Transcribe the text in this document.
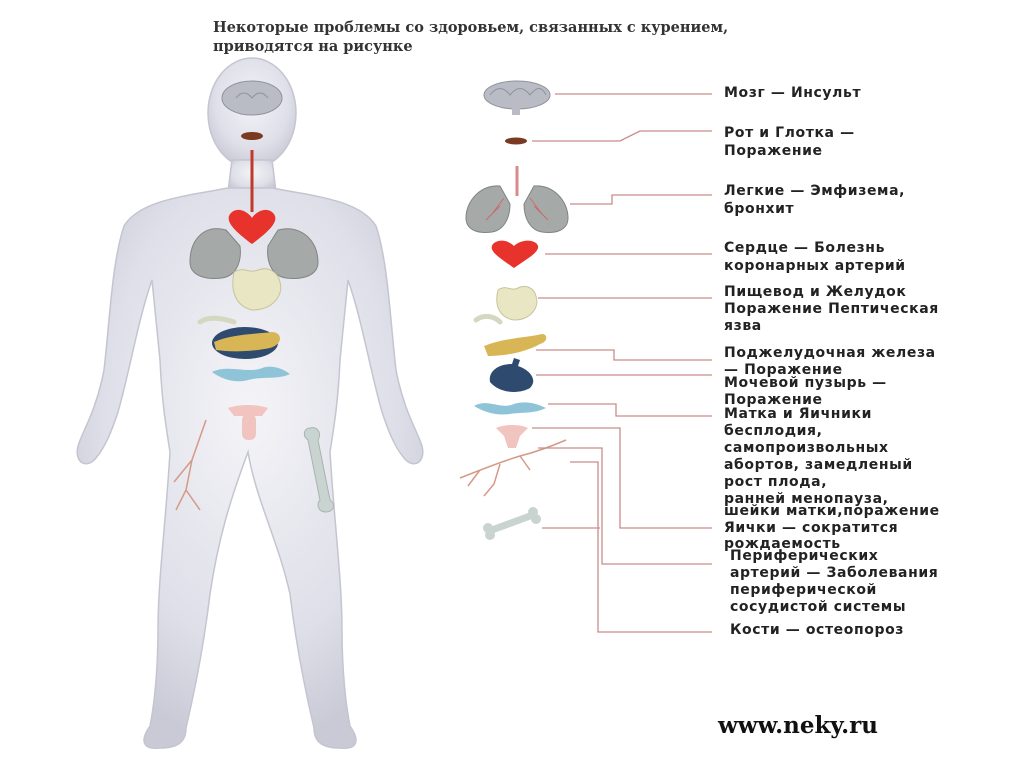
Некоторые проблемы со здоровьем, связанных с курением,
приводятся на рисунке
Мозг — Инсульт
Рот и Глотка —
Поражение
Легкие — Эмфизема,
бронхит
Сердце — Болезнь
коронарных артерий
Пищевод и Желудок
Поражение Пептическая
язва
Поджелудочная железа
— Поражение
Мочевой пузырь —
Поражение
Матка и Яичники
бесплодия,
самопроизвольных
абортов, замедленый
рост плода,
ранней менопауза,
шейки матки,поражение
Яички — сократится
рождаемость
Периферических
артерий — Заболевания
периферической
сосудистой системы
Кости — остеопороз
www.neky.ru
